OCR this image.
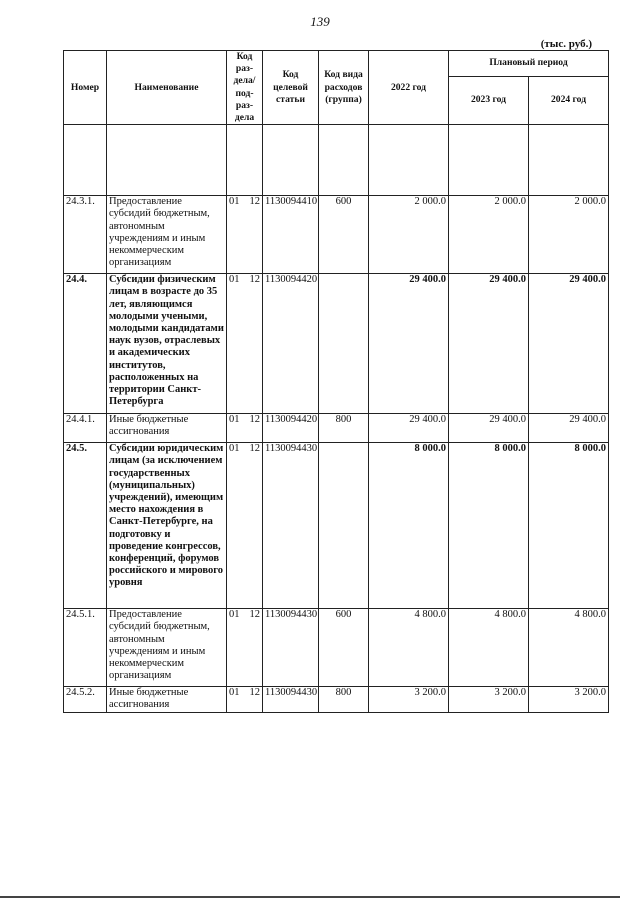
139
(тыс. руб.)
Номер	Наименование	Код раз- дела/ под- раз- дела	Код целевой статьи	Код вида расходов (группа)	2022 год	Плановый период	
						2023 год	2024 год

24.3.1.	Предоставление субсидий бюджетным, автономным учреждениям и иным некоммерческим организациям	01 12	1130094410	600	2 000.0	2 000.0	2 000.0
24.4.	Субсидии физическим лицам в возрасте до 35 лет, являющимся молодыми учеными, молодыми кандидатами наук вузов, отраслевых и академических институтов, расположенных на территории Санкт-Петербурга	01 12	1130094420		29 400.0	29 400.0	29 400.0
24.4.1.	Иные бюджетные ассигнования	01 12	1130094420	800	29 400.0	29 400.0	29 400.0
24.5.	Субсидии юридическим лицам (за исключением государственных (муниципальных) учреждений), имеющим место нахождения в Санкт-Петербурге, на подготовку и проведение конгрессов, конференций, форумов российского и мирового уровня	01 12	1130094430		8 000.0	8 000.0	8 000.0
24.5.1.	Предоставление субсидий бюджетным, автономным учреждениям и иным некоммерческим организациям	01 12	1130094430	600	4 800.0	4 800.0	4 800.0
24.5.2.	Иные бюджетные ассигнования	01 12	1130094430	800	3 200.0	3 200.0	3 200.0
